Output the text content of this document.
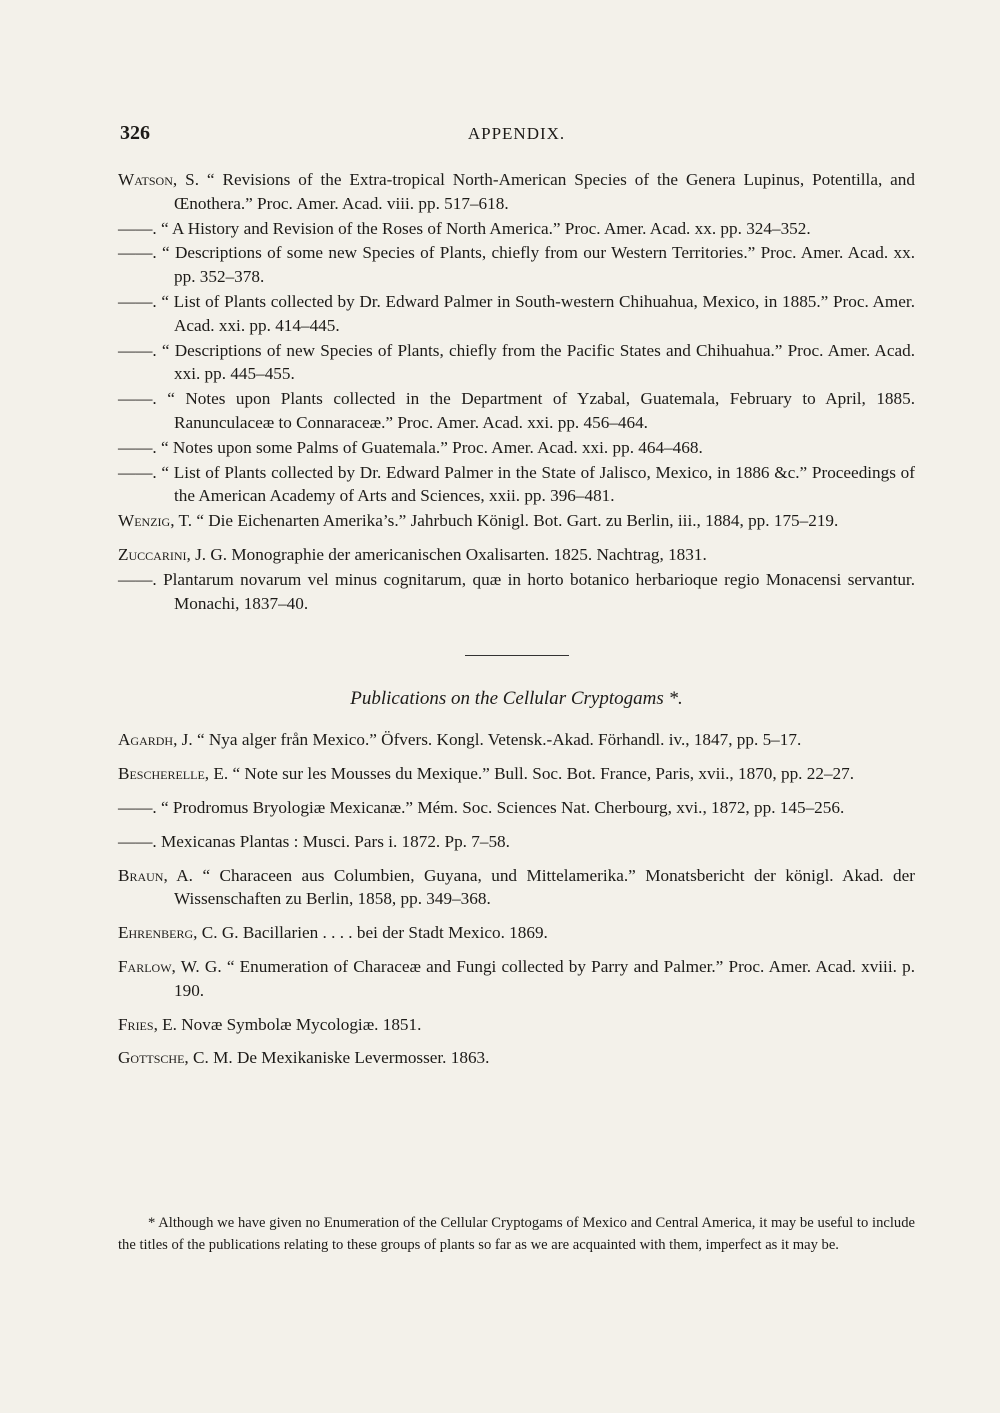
326	APPENDIX.
Watson, S. “ Revisions of the Extra-tropical North-American Species of the Genera Lupinus, Potentilla, and Œnothera.” Proc. Amer. Acad. viii. pp. 517–618.
——. “ A History and Revision of the Roses of North America.” Proc. Amer. Acad. xx. pp. 324–352.
——. “ Descriptions of some new Species of Plants, chiefly from our Western Territories.” Proc. Amer. Acad. xx. pp. 352–378.
——. “ List of Plants collected by Dr. Edward Palmer in South-western Chihuahua, Mexico, in 1885.” Proc. Amer. Acad. xxi. pp. 414–445.
——. “ Descriptions of new Species of Plants, chiefly from the Pacific States and Chihuahua.” Proc. Amer. Acad. xxi. pp. 445–455.
——. “ Notes upon Plants collected in the Department of Yzabal, Guatemala, February to April, 1885. Ranunculaceæ to Connaraceæ.” Proc. Amer. Acad. xxi. pp. 456–464.
——. “ Notes upon some Palms of Guatemala.” Proc. Amer. Acad. xxi. pp. 464–468.
——. “ List of Plants collected by Dr. Edward Palmer in the State of Jalisco, Mexico, in 1886 &c.” Proceedings of the American Academy of Arts and Sciences, xxii. pp. 396–481.
Wenzig, T. “ Die Eichenarten Amerika’s.” Jahrbuch Königl. Bot. Gart. zu Berlin, iii., 1884, pp. 175–219.
Zuccarini, J. G. Monographie der americanischen Oxalisarten. 1825. Nachtrag, 1831.
——. Plantarum novarum vel minus cognitarum, quæ in horto botanico herbarioque regio Monacensi servantur. Monachi, 1837–40.
Publications on the Cellular Cryptogams *.
Agardh, J. “ Nya alger från Mexico.” Öfvers. Kongl. Vetensk.-Akad. Förhandl. iv., 1847, pp. 5–17.
Bescherelle, E. “ Note sur les Mousses du Mexique.” Bull. Soc. Bot. France, Paris, xvii., 1870, pp. 22–27.
——. “ Prodromus Bryologiæ Mexicanæ.” Mém. Soc. Sciences Nat. Cherbourg, xvi., 1872, pp. 145–256.
——. Mexicanas Plantas : Musci. Pars i. 1872. Pp. 7–58.
Braun, A. “ Characeen aus Columbien, Guyana, und Mittelamerika.” Monatsbericht der königl. Akad. der Wissenschaften zu Berlin, 1858, pp. 349–368.
Ehrenberg, C. G. Bacillarien . . . . bei der Stadt Mexico. 1869.
Farlow, W. G. “ Enumeration of Characeæ and Fungi collected by Parry and Palmer.” Proc. Amer. Acad. xviii. p. 190.
Fries, E. Novæ Symbolæ Mycologiæ. 1851.
Gottsche, C. M. De Mexikaniske Levermosser. 1863.
* Although we have given no Enumeration of the Cellular Cryptogams of Mexico and Central America, it may be useful to include the titles of the publications relating to these groups of plants so far as we are acquainted with them, imperfect as it may be.
